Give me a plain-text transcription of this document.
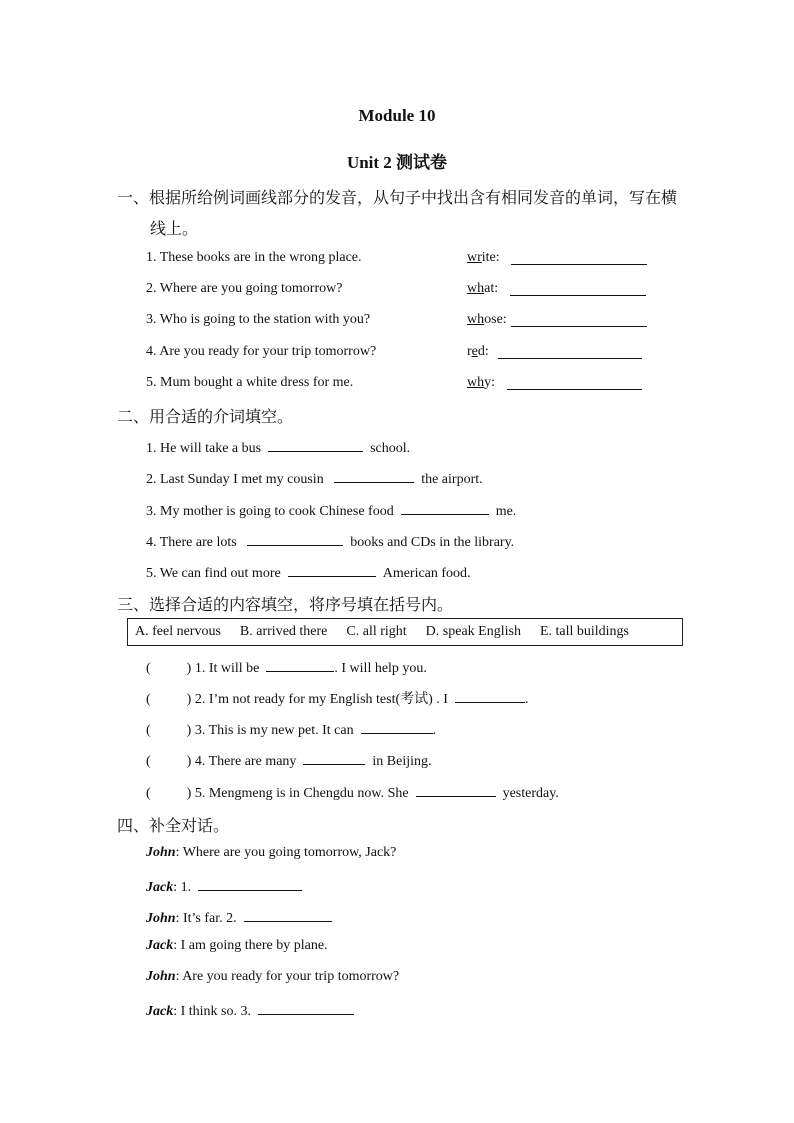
Module 10
Unit 2 测试卷
一、根据所给例词画线部分的发音，从句子中找出含有相同发音的单词，写在横
线上。
1. These books are in the wrong place.	write:
2. Where are you going tomorrow?	what:
3. Who is going to the station with you?	whose:
4. Are you ready for your trip tomorrow?	red:
5. Mum bought a white dress for me.	why:
二、用合适的介词填空。
1. He will take a bus	school.
2. Last Sunday I met my cousin	the airport.
3. My mother is going to cook Chinese food	me.
4. There are lots	books and CDs in the library.
5. We can find out more	American food.
三、选择合适的内容填空，将序号填在括号内。
A. feel nervous B. arrived there C. all right D. speak English E. tall buildings
(	) 1. It will be	. I will help you.
(	) 2. I’m not ready for my English test(考试) . I	.
(	) 3. This is my new pet. It can	.
(	) 4. There are many	in Beijing.
(	) 5. Mengmeng is in Chengdu now. She	yesterday.
四、补全对话。
John: Where are you going tomorrow, Jack?
Jack: 1.
John: It’s far. 2.
Jack: I am going there by plane.
John: Are you ready for your trip tomorrow?
Jack: I think so. 3.
